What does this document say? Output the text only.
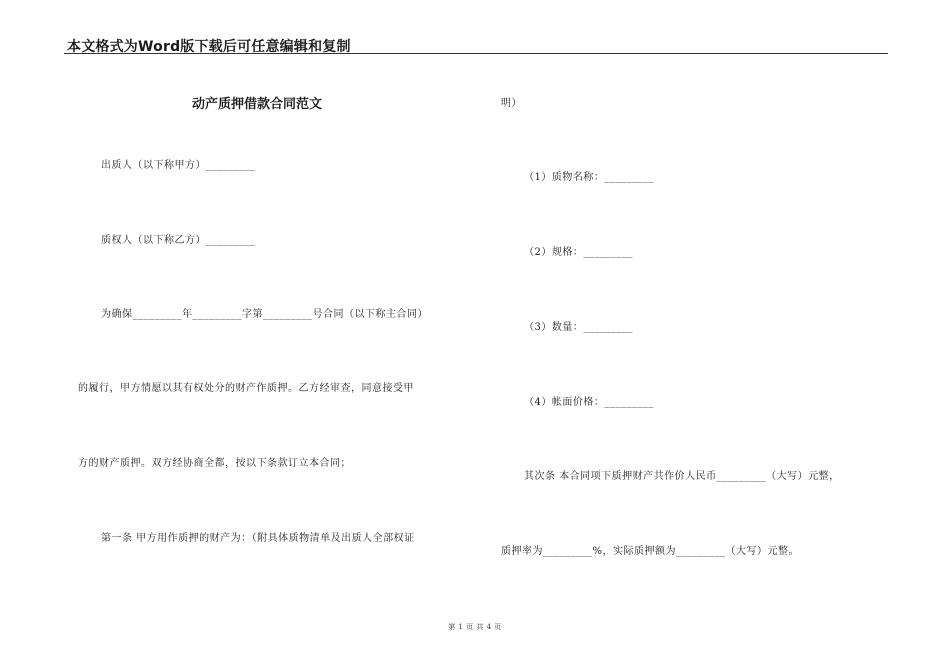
本文格式为Word版下载后可任意编辑和复制
动产质押借款合同范文
出质人（以下称甲方）_________
质权人（以下称乙方）_________
为确保_________年_________字第_________号合同（以下称主合同）
的履行，甲方情愿以其有权处分的财产作质押。乙方经审查，同意接受甲
方的财产质押。双方经协商全都，按以下条款订立本合同；
第一条 甲方用作质押的财产为：（附具体质物清单及出质人全部权证
明）
（1）质物名称：_________
（2）规格：_________
（3）数量：_________
（4）帐面价格：_________
其次条 本合同项下质押财产共作价人民币_________（大写）元整，
质押率为_________%，实际质押额为_________（大写）元整。
第 1 页 共 4 页
